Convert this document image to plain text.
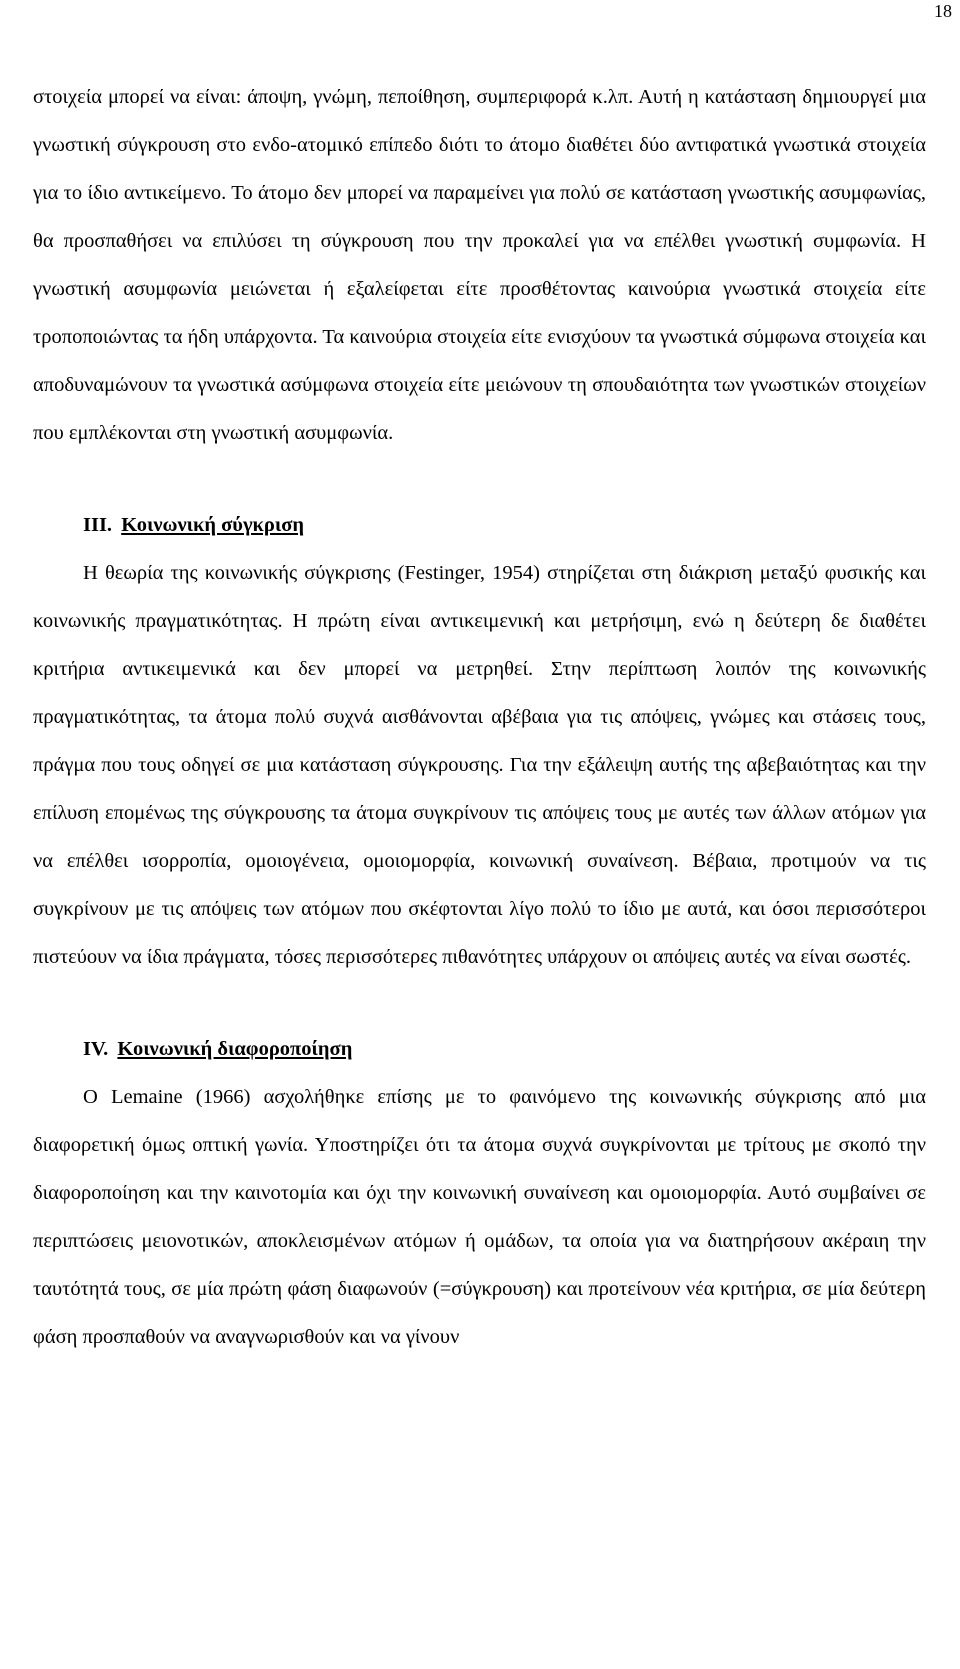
18

στοιχεία μπορεί να είναι: άποψη, γνώμη, πεποίθηση, συμπεριφορά κ.λπ. Αυτή η κατάσταση δημιουργεί μια γνωστική σύγκρουση στο ενδο-ατομικό επίπεδο διότι το άτομο διαθέτει δύο αντιφατικά γνωστικά στοιχεία για το ίδιο αντικείμενο. Το άτομο δεν μπορεί να παραμείνει για πολύ σε κατάσταση γνωστικής ασυμφωνίας, θα προσπαθήσει να επιλύσει τη σύγκρουση που την προκαλεί για να επέλθει γνωστική συμφωνία. Η γνωστική ασυμφωνία μειώνεται ή εξαλείφεται είτε προσθέτοντας καινούρια γνωστικά στοιχεία είτε τροποποιώντας τα ήδη υπάρχοντα. Τα καινούρια στοιχεία είτε ενισχύουν τα γνωστικά σύμφωνα στοιχεία και αποδυναμώνουν τα γνωστικά ασύμφωνα στοιχεία είτε μειώνουν τη σπουδαιότητα των γνωστικών στοιχείων που εμπλέκονται στη γνωστική ασυμφωνία.

III. Κοινωνική σύγκριση

Η θεωρία της κοινωνικής σύγκρισης (Festinger, 1954) στηρίζεται στη διάκριση μεταξύ φυσικής και κοινωνικής πραγματικότητας. Η πρώτη είναι αντικειμενική και μετρήσιμη, ενώ η δεύτερη δε διαθέτει κριτήρια αντικειμενικά και δεν μπορεί να μετρηθεί. Στην περίπτωση λοιπόν της κοινωνικής πραγματικότητας, τα άτομα πολύ συχνά αισθάνονται αβέβαια για τις απόψεις, γνώμες και στάσεις τους, πράγμα που τους οδηγεί σε μια κατάσταση σύγκρουσης. Για την εξάλειψη αυτής της αβεβαιότητας και την επίλυση επομένως της σύγκρουσης τα άτομα συγκρίνουν τις απόψεις τους με αυτές των άλλων ατόμων για να επέλθει ισορροπία, ομοιογένεια, ομοιομορφία, κοινωνική συναίνεση. Βέβαια, προτιμούν να τις συγκρίνουν με τις απόψεις των ατόμων που σκέφτονται λίγο πολύ το ίδιο με αυτά, και όσοι περισσότεροι πιστεύουν να ίδια πράγματα, τόσες περισσότερες πιθανότητες υπάρχουν οι απόψεις αυτές να είναι σωστές.

IV. Κοινωνική διαφοροποίηση

Ο Lemaine (1966) ασχολήθηκε επίσης με το φαινόμενο της κοινωνικής σύγκρισης από μια διαφορετική όμως οπτική γωνία. Υποστηρίζει ότι τα άτομα συχνά συγκρίνονται με τρίτους με σκοπό την διαφοροποίηση και την καινοτομία και όχι την κοινωνική συναίνεση και ομοιομορφία. Αυτό συμβαίνει σε περιπτώσεις μειονοτικών, αποκλεισμένων ατόμων ή ομάδων, τα οποία για να διατηρήσουν ακέραιη την ταυτότητά τους, σε μία πρώτη φάση διαφωνούν (=σύγκρουση) και προτείνουν νέα κριτήρια, σε μία δεύτερη φάση προσπαθούν να αναγνωρισθούν και να γίνουν
